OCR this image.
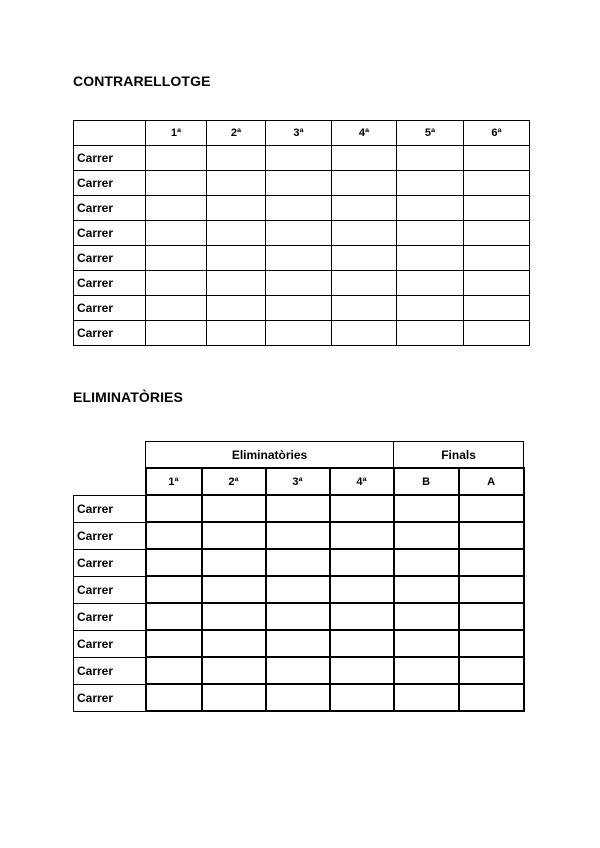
CONTRARELLOTGE
	1ª	2ª	3ª	4ª	5ª	6ª
Carrer						
Carrer						
Carrer						
Carrer						
Carrer						
Carrer						
Carrer						
Carrer						
ELIMINATÒRIES
	Eliminatòries				Finals	
	1ª	2ª	3ª	4ª	B	A
Carrer						
Carrer						
Carrer						
Carrer						
Carrer						
Carrer						
Carrer						
Carrer						
